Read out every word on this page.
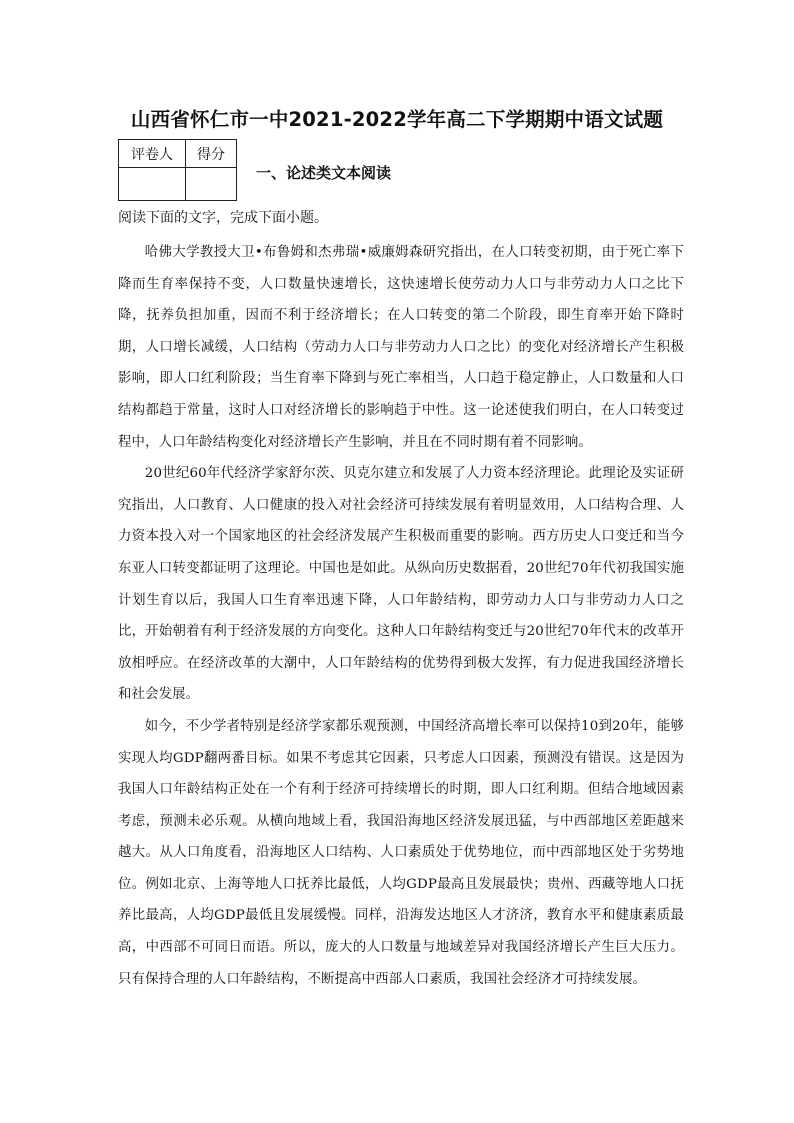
山西省怀仁市一中2021-2022学年高二下学期期中语文试题
评卷人	得分

一、论述类文本阅读
阅读下面的文字，完成下面小题。

哈佛大学教授大卫•布鲁姆和杰弗瑞•威廉姆森研究指出，在人口转变初期，由于死亡率下降而生育率保持不变，人口数量快速增长，这快速增长使劳动力人口与非劳动力人口之比下降，抚养负担加重，因而不利于经济增长；在人口转变的第二个阶段，即生育率开始下降时期，人口增长减缓，人口结构（劳动力人口与非劳动力人口之比）的变化对经济增长产生积极影响，即人口红利阶段；当生育率下降到与死亡率相当，人口趋于稳定静止，人口数量和人口结构都趋于常量，这时人口对经济增长的影响趋于中性。这一论述使我们明白，在人口转变过程中，人口年龄结构变化对经济增长产生影响，并且在不同时期有着不同影响。

20世纪60年代经济学家舒尔茨、贝克尔建立和发展了人力资本经济理论。此理论及实证研究指出，人口教育、人口健康的投入对社会经济可持续发展有着明显效用，人口结构合理、人力资本投入对一个国家地区的社会经济发展产生积极而重要的影响。西方历史人口变迁和当今东亚人口转变都证明了这理论。中国也是如此。从纵向历史数据看，20世纪70年代初我国实施计划生育以后，我国人口生育率迅速下降，人口年龄结构，即劳动力人口与非劳动力人口之比，开始朝着有利于经济发展的方向变化。这种人口年龄结构变迁与20世纪70年代末的改革开放相呼应。在经济改革的大潮中，人口年龄结构的优势得到极大发挥，有力促进我国经济增长和社会发展。

如今，不少学者特别是经济学家都乐观预测，中国经济高增长率可以保持10到20年，能够实现人均GDP翻两番目标。如果不考虑其它因素，只考虑人口因素，预测没有错误。这是因为我国人口年龄结构正处在一个有利于经济可持续增长的时期，即人口红利期。但结合地域因素考虑，预测未必乐观。从横向地域上看，我国沿海地区经济发展迅猛，与中西部地区差距越来越大。从人口角度看，沿海地区人口结构、人口素质处于优势地位，而中西部地区处于劣势地位。例如北京、上海等地人口抚养比最低，人均GDP最高且发展最快；贵州、西藏等地人口抚养比最高，人均GDP最低且发展缓慢。同样，沿海发达地区人才济济，教育水平和健康素质最高，中西部不可同日而语。所以，庞大的人口数量与地域差异对我国经济增长产生巨大压力。只有保持合理的人口年龄结构，不断提高中西部人口素质，我国社会经济才可持续发展。
